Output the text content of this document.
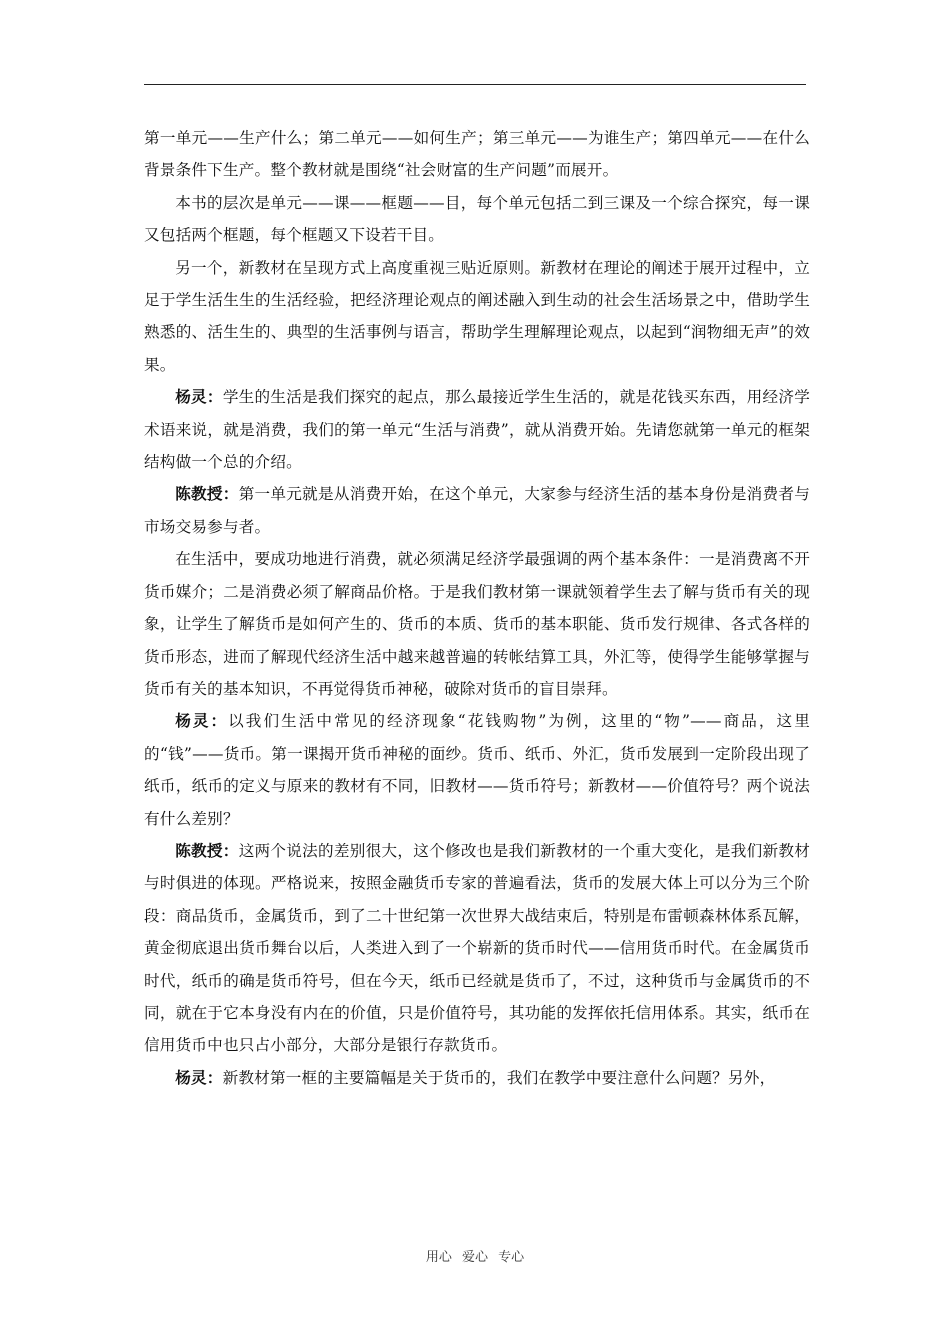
第一单元——生产什么；第二单元——如何生产；第三单元——为谁生产；第四单元——在什么背景条件下生产。整个教材就是围绕“社会财富的生产问题”而展开。

本书的层次是单元——课——框题——目，每个单元包括二到三课及一个综合探究，每一课又包括两个框题，每个框题又下设若干目。

另一个，新教材在呈现方式上高度重视三贴近原则。新教材在理论的阐述于展开过程中，立足于学生活生生的生活经验，把经济理论观点的阐述融入到生动的社会生活场景之中，借助学生熟悉的、活生生的、典型的生活事例与语言，帮助学生理解理论观点，以起到“润物细无声”的效果。

杨灵：学生的生活是我们探究的起点，那么最接近学生生活的，就是花钱买东西，用经济学术语来说，就是消费，我们的第一单元“生活与消费”，就从消费开始。先请您就第一单元的框架结构做一个总的介绍。

陈教授：第一单元就是从消费开始，在这个单元，大家参与经济生活的基本身份是消费者与市场交易参与者。

在生活中，要成功地进行消费，就必须满足经济学最强调的两个基本条件：一是消费离不开货币媒介；二是消费必须了解商品价格。于是我们教材第一课就领着学生去了解与货币有关的现象，让学生了解货币是如何产生的、货币的本质、货币的基本职能、货币发行规律、各式各样的货币形态，进而了解现代经济生活中越来越普遍的转帐结算工具，外汇等，使得学生能够掌握与货币有关的基本知识，不再觉得货币神秘，破除对货币的盲目崇拜。

杨灵：以我们生活中常见的经济现象“花钱购物”为例，这里的“物”——商品，这里的“钱”——货币。第一课揭开货币神秘的面纱。货币、纸币、外汇，货币发展到一定阶段出现了纸币，纸币的定义与原来的教材有不同，旧教材——货币符号；新教材——价值符号？两个说法有什么差别？

陈教授：这两个说法的差别很大，这个修改也是我们新教材的一个重大变化，是我们新教材与时俱进的体现。严格说来，按照金融货币专家的普遍看法，货币的发展大体上可以分为三个阶段：商品货币，金属货币，到了二十世纪第一次世界大战结束后，特别是布雷顿森林体系瓦解，黄金彻底退出货币舞台以后，人类进入到了一个崭新的货币时代——信用货币时代。在金属货币时代，纸币的确是货币符号，但在今天，纸币已经就是货币了，不过，这种货币与金属货币的不同，就在于它本身没有内在的价值，只是价值符号，其功能的发挥依托信用体系。其实，纸币在信用货币中也只占小部分，大部分是银行存款货币。

杨灵：新教材第一框的主要篇幅是关于货币的，我们在教学中要注意什么问题？另外，

用心 爱心 专心
